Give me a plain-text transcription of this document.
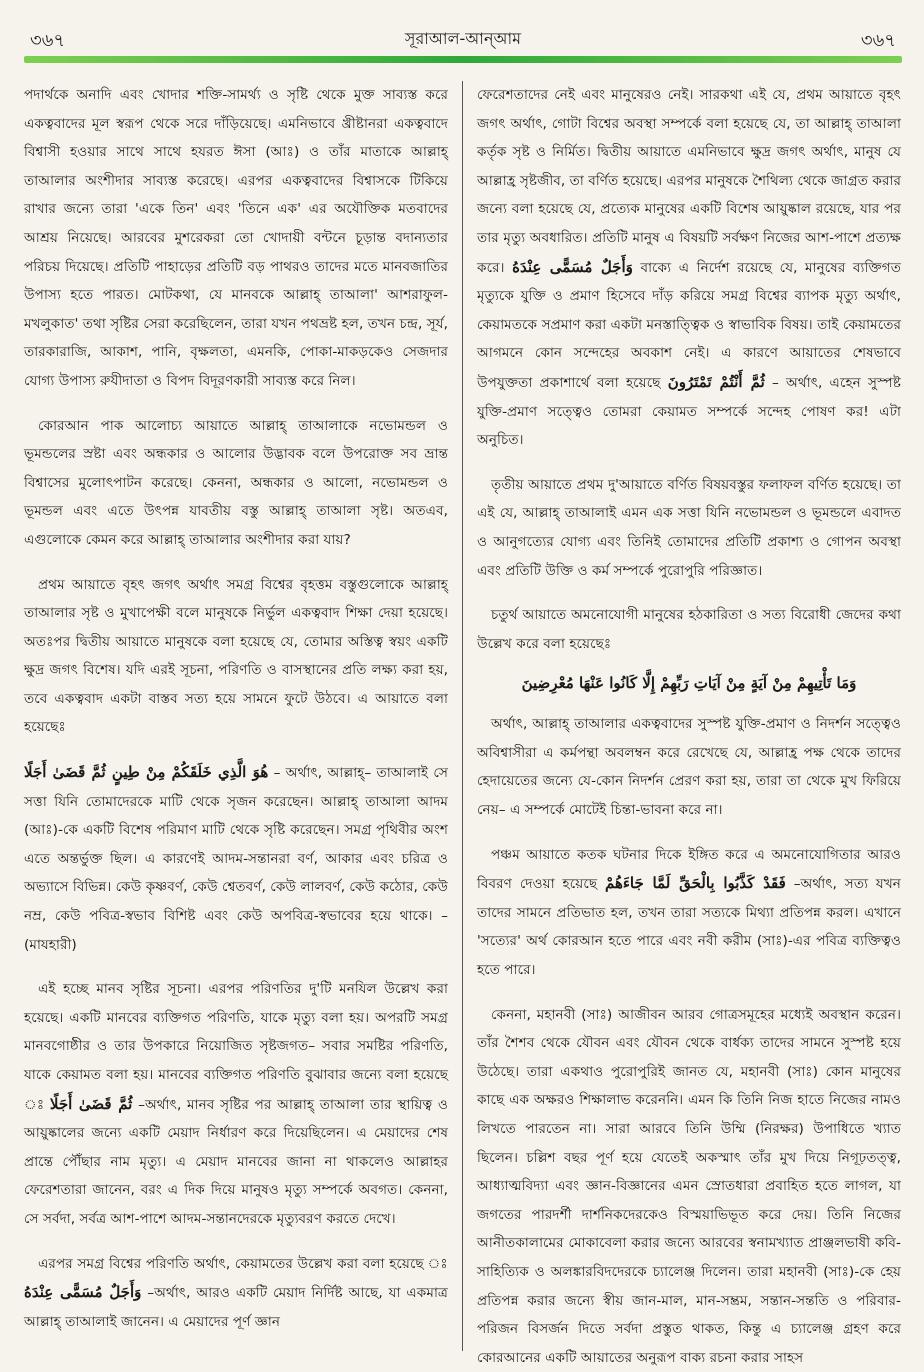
৩৬৭	সূরাআল-আন্‌আম	৩৬৭

পদার্থকে অনাদি এবং খোদার শক্তি-সামর্থ্য ও সৃষ্টি থেকে মুক্ত সাব্যস্ত করে একত্ববাদের মূল স্বরূপ থেকে সরে দাঁড়িয়েছে। এমনিভাবে খ্রীষ্টানরা একত্ববাদে বিশ্বাসী হওয়ার সাথে সাথে হযরত ঈসা (আঃ) ও তাঁর মাতাকে আল্লাহ্ তাআলার অংশীদার সাব্যস্ত করেছে। এরপর একত্ববাদের বিশ্বাসকে টিকিয়ে রাখার জন্যে তারা 'একে তিন' এবং 'তিনে এক' এর অযৌক্তিক মতবাদের আশ্রয় নিয়েছে। আরবের মুশরেকরা তো খোদায়ী বন্টনে চূড়ান্ত বদান্যতার পরিচয় দিয়েছে। প্রতিটি পাহাড়ের প্রতিটি বড় পাথরও তাদের মতে মানবজাতির উপাস্য হতে পারত। মোটকথা, যে মানবকে আল্লাহ্ তাআলা' আশরাফুল-মখলুকাত' তথা সৃষ্টির সেরা করেছিলেন, তারা যখন পথভ্রষ্ট হল, তখন চন্দ্র, সূর্য, তারকারাজি, আকাশ, পানি, বৃক্ষলতা, এমনকি, পোকা-মাকড়কেও সেজদার যোগ্য উপাস্য রুযীদাতা ও বিপদ বিদূরণকারী সাব্যস্ত করে নিল।

কোরআন পাক আলোচ্য আয়াতে আল্লাহ্ তাআলাকে নভোমন্ডল ও ভূমন্ডলের স্রষ্টা এবং অন্ধকার ও আলোর উদ্ভাবক বলে উপরোক্ত সব ভ্রান্ত বিশ্বাসের মুলোৎপাটন করেছে। কেননা, অন্ধকার ও আলো, নভোমন্ডল ও ভূমন্ডল এবং এতে উৎপন্ন যাবতীয় বস্তু আল্লাহ্ তাআলা সৃষ্ট। অতএব, এগুলোকে কেমন করে আল্লাহ্ তাআলার অংশীদার করা যায়?

প্রথম আয়াতে বৃহৎ জগৎ অর্থাৎ সমগ্র বিশ্বের বৃহত্তম বস্তুগুলোকে আল্লাহ্ তাআলার সৃষ্ট ও মুখাপেক্ষী বলে মানুষকে নির্ভুল একত্ববাদ শিক্ষা দেয়া হয়েছে। অতঃপর দ্বিতীয় আয়াতে মানুষকে বলা হয়েছে যে, তোমার অস্তিত্ব স্বয়ং একটি ক্ষুদ্র জগৎ বিশেষ। যদি এরই সূচনা, পরিণতি ও বাসস্থানের প্রতি লক্ষ্য করা হয়, তবে একত্ববাদ একটা বাস্তব সত্য হয়ে সামনে ফুটে উঠবে। এ আয়াতে বলা হয়েছেঃ

هُوَ الَّذِي خَلَقَكُمْ مِنْ طِينٍ ثُمَّ قَضَىٰ أَجَلًا – অর্থাৎ, আল্লাহ্– তাআলাই সে সত্তা যিনি তোমাদেরকে মাটি থেকে সৃজন করেছেন। আল্লাহ্ তাআলা আদম (আঃ)-কে একটি বিশেষ পরিমাণ মাটি থেকে সৃষ্টি করেছেন। সমগ্র পৃথিবীর অংশ এতে অন্তর্ভুক্ত ছিল। এ কারণেই আদম-সন্তানরা বর্ণ, আকার এবং চরিত্র ও অভ্যাসে বিভিন্ন। কেউ কৃষ্ণবর্ণ, কেউ শ্বেতবর্ণ, কেউ লালবর্ণ, কেউ কঠোর, কেউ নম্র, কেউ পবিত্র-স্বভাব বিশিষ্ট এবং কেউ অপবিত্র-স্বভাবের হয়ে থাকে। – (মাযহারী)

এই হচ্ছে মানব সৃষ্টির সূচনা। এরপর পরিণতির দু'টি মনযিল উল্লেখ করা হয়েছে। একটি মানবের ব্যক্তিগত পরিণতি, যাকে মৃত্যু বলা হয়। অপরটি সমগ্র মানবগোষ্ঠীর ও তার উপকারে নিয়োজিত সৃষ্টজগত– সবার সমষ্টির পরিণতি, যাকে কেয়ামত বলা হয়। মানবের ব্যক্তিগত পরিণতি বুঝাবার জন্যে বলা হয়েছে ঃ ثُمَّ قَضَىٰ أَجَلًا –অর্থাৎ, মানব সৃষ্টির পর আল্লাহ্ তাআলা তার স্থায়িত্ব ও আয়ুষ্কালের জন্যে একটি মেয়াদ নির্ধারণ করে দিয়েছিলেন। এ মেয়াদের শেষ প্রান্তে পৌঁছার নাম মৃত্যু। এ মেয়াদ মানবের জানা না থাকলেও আল্লাহর ফেরেশতারা জানেন, বরং এ দিক দিয়ে মানুষও মৃত্যু সম্পর্কে অবগত। কেননা, সে সর্বদা, সর্বত্র আশ-পাশে আদম-সন্তানদেরকে মৃত্যুবরণ করতে দেখে।

এরপর সমগ্র বিশ্বের পরিণতি অর্থাৎ, কেয়ামতের উল্লেখ করা বলা হয়েছে ঃ وَأَجَلٌ مُسَمًّى عِنْدَهُ –অর্থাৎ, আরও একটি মেয়াদ নির্দিষ্ট আছে, যা একমাত্র আল্লাহ্ তাআলাই জানেন। এ মেয়াদের পূর্ণ জ্ঞান

ফেরেশতাদের নেই এবং মানুষেরও নেই। সারকথা এই যে, প্রথম আয়াতে বৃহৎ জগৎ অর্থাৎ, গোটা বিশ্বের অবস্থা সম্পর্কে বলা হয়েছে যে, তা আল্লাহ্ তাআলা কর্তৃক সৃষ্ট ও নির্মিত। দ্বিতীয় আয়াতে এমনিভাবে ক্ষুদ্র জগৎ অর্থাৎ, মানুষ যে আল্লাহ্র সৃষ্টজীব, তা বর্ণিত হয়েছে। এরপর মানুষকে শৈথিল্য থেকে জাগ্রত করার জন্যে বলা হয়েছে যে, প্রত্যেক মানুষের একটি বিশেষ আয়ুষ্কাল রয়েছে, যার পর তার মৃত্যু অবধারিত। প্রতিটি মানুষ এ বিষয়টি সর্বক্ষণ নিজের আশ-পাশে প্রত্যক্ষ করে। وَأَجَلٌ مُسَمًّى عِنْدَهُ বাক্যে এ নির্দেশ রয়েছে যে, মানুষের ব্যক্তিগত মৃত্যুকে যুক্তি ও প্রমাণ হিসেবে দাঁড় করিয়ে সমগ্র বিশ্বের ব্যাপক মৃত্যু অর্থাৎ, কেয়ামতকে সপ্রমাণ করা একটা মনস্তাত্ত্বিক ও স্বাভাবিক বিষয়। তাই কেয়ামতের আগমনে কোন সন্দেহের অবকাশ নেই। এ কারণে আয়াতের শেষভাবে উপযুক্ততা প্রকাশার্থে বলা হয়েছে ثُمَّ أَنْتُمْ تَمْتَرُونَ – অর্থাৎ, এহেন সুস্পষ্ট যুক্তি-প্রমাণ সত্ত্বেও তোমরা কেয়ামত সম্পর্কে সন্দেহ পোষণ কর! এটা অনুচিত।

তৃতীয় আয়াতে প্রথম দু'আয়াতে বর্ণিত বিষয়বস্তুর ফলাফল বর্ণিত হয়েছে। তা এই যে, আল্লাহ্ তাআলাই এমন এক সত্তা যিনি নভোমন্ডল ও ভূমন্ডলে এবাদত ও আনুগত্যের যোগ্য এবং তিনিই তোমাদের প্রতিটি প্রকাশ্য ও গোপন অবস্থা এবং প্রতিটি উক্তি ও কর্ম সম্পর্কে পুরোপুরি পরিজ্ঞাত।

চতুর্থ আয়াতে অমনোযোগী মানুষের হঠকারিতা ও সত্য বিরোধী জেদের কথা উল্লেখ করে বলা হয়েছেঃ

وَمَا تَأْتِيهِمْ مِنْ آيَةٍ مِنْ آيَاتِ رَبِّهِمْ إِلَّا كَانُوا عَنْهَا مُعْرِضِينَ

অর্থাৎ, আল্লাহ্ তাআলার একত্ববাদের সুস্পষ্ট যুক্তি-প্রমাণ ও নিদর্শন সত্ত্বেও অবিশ্বাসীরা এ কর্মপন্থা অবলম্বন করে রেখেছে যে, আল্লাহ্র পক্ষ থেকে তাদের হেদায়েতের জন্যে যে-কোন নিদর্শন প্রেরণ করা হয়, তারা তা থেকে মুখ ফিরিয়ে নেয়– এ সম্পর্কে মোটেই চিন্তা-ভাবনা করে না।

পঞ্চম আয়াতে কতক ঘটনার দিকে ইঙ্গিত করে এ অমনোযোগিতার আরও বিবরণ দেওয়া হয়েছে فَقَدْ كَذَّبُوا بِالْحَقِّ لَمَّا جَاءَهُمْ –অর্থাৎ, সত্য যখন তাদের সামনে প্রতিভাত হল, তখন তারা সত্যকে মিথ্যা প্রতিপন্ন করল। এখানে 'সত্যের' অর্থ কোরআন হতে পারে এবং নবী করীম (সাঃ)-এর পবিত্র ব্যক্তিত্বও হতে পারে।

কেননা, মহানবী (সাঃ) আজীবন আরব গোত্রসমূহের মধ্যেই অবস্থান করেন। তাঁর শৈশব থেকে যৌবন এবং যৌবন থেকে বার্ধক্য তাদের সামনে সুস্পষ্ট হয়ে উঠেছে। তারা একথাও পুরোপুরিই জানত যে, মহানবী (সাঃ) কোন মানুষের কাছে এক অক্ষরও শিক্ষালাভ করেননি। এমন কি তিনি নিজ হাতে নিজের নামও লিখতে পারতেন না। সারা আরবে তিনি উম্মি (নিরক্ষর) উপাধিতে খ্যাত ছিলেন। চল্লিশ বছর পূর্ণ হয়ে যেতেই অকস্মাৎ তাঁর মুখ দিয়ে নিগূঢ়তত্ত্ব, আধ্যাত্মবিদ্যা এবং জ্ঞান-বিজ্ঞানের এমন স্রোতধারা প্রবাহিত হতে লাগল, যা জগতের পারদর্শী দার্শনিকদেরকেও বিস্ময়াভিভূত করে দেয়। তিনি নিজের আনীতকালামের মোকাবেলা করার জন্যে আরবের স্বনামখ্যাত প্রাঞ্জলভাষী কবি-সাহিত্যিক ও অলঙ্কারবিদদেরকে চ্যালেঞ্জ দিলেন। তারা মহানবী (সাঃ)-কে হেয় প্রতিপন্ন করার জন্যে স্বীয় জান-মাল, মান-সম্ভ্রম, সন্তান-সন্ততি ও পরিবার-পরিজন বিসর্জন দিতে সর্বদা প্রস্তুত থাকত, কিন্তু এ চ্যালেঞ্জ গ্রহণ করে কোরআনের একটি আয়াতের অনুরূপ বাক্য রচনা করার সাহস
